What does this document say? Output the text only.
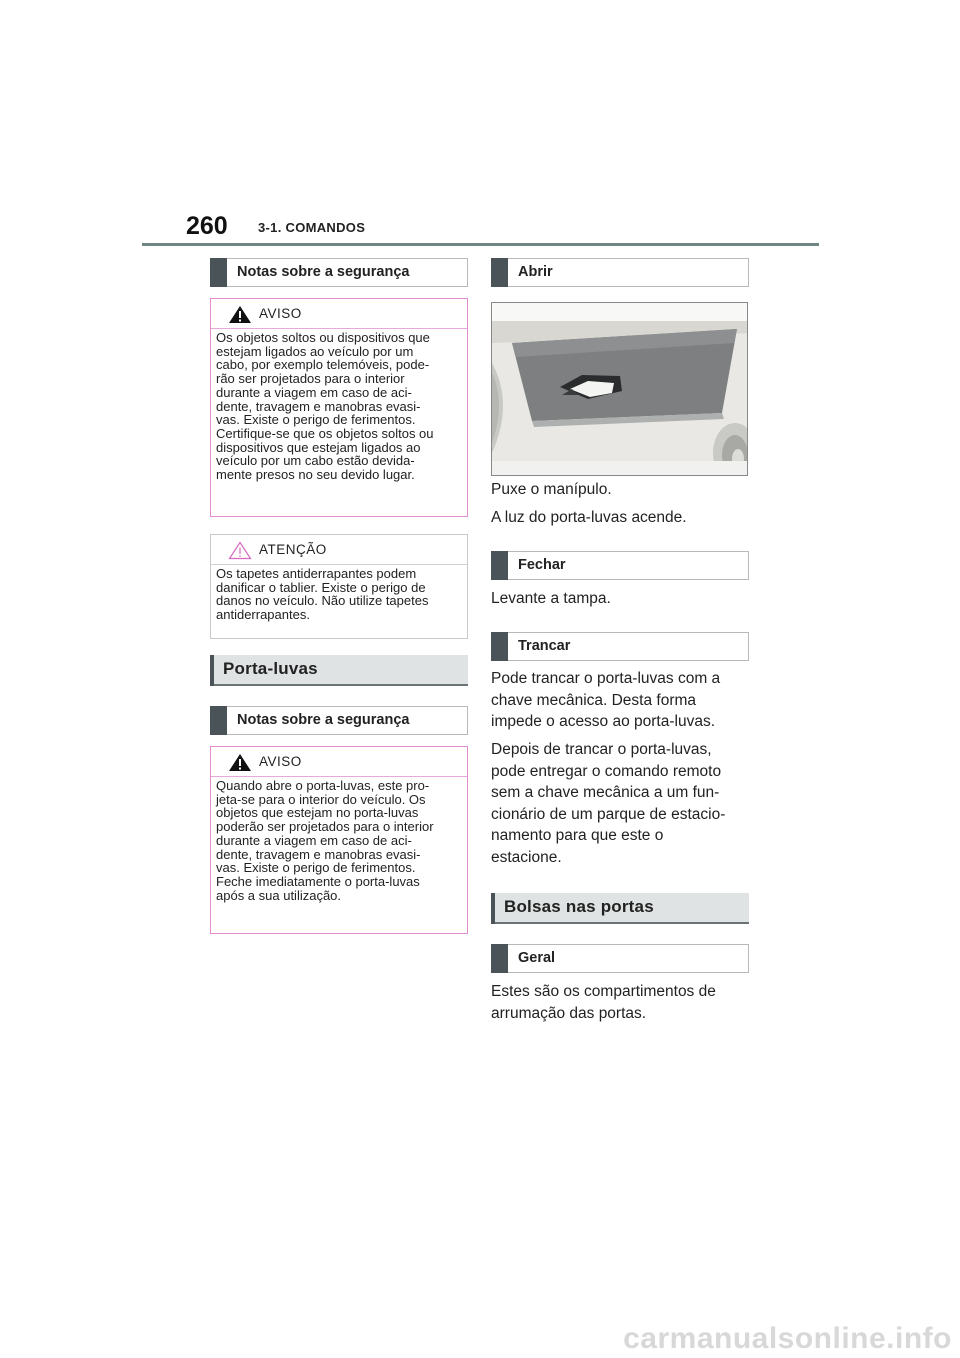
260 3-1. COMANDOS
Notas sobre a segurança
AVISO
Os objetos soltos ou dispositivos que
estejam ligados ao veículo por um
cabo, por exemplo telemóveis, pode-
rão ser projetados para o interior
durante a viagem em caso de aci-
dente, travagem e manobras evasi-
vas. Existe o perigo de ferimentos.
Certifique-se que os objetos soltos ou
dispositivos que estejam ligados ao
veículo por um cabo estão devida-
mente presos no seu devido lugar.
ATENÇÃO
Os tapetes antiderrapantes podem
danificar o tablier. Existe o perigo de
danos no veículo. Não utilize tapetes
antiderrapantes.
Porta-luvas
Notas sobre a segurança
AVISO
Quando abre o porta-luvas, este pro-
jeta-se para o interior do veículo. Os
objetos que estejam no porta-luvas
poderão ser projetados para o interior
durante a viagem em caso de aci-
dente, travagem e manobras evasi-
vas. Existe o perigo de ferimentos.
Feche imediatamente o porta-luvas
após a sua utilização.
Abrir
Puxe o manípulo.
A luz do porta-luvas acende.
Fechar
Levante a tampa.
Trancar
Pode trancar o porta-luvas com a
chave mecânica. Desta forma
impede o acesso ao porta-luvas.
Depois de trancar o porta-luvas,
pode entregar o comando remoto
sem a chave mecânica a um fun-
cionário de um parque de estacio-
namento para que este o
estacione.
Bolsas nas portas
Geral
Estes são os compartimentos de
arrumação das portas.
carmanualsonline.info
